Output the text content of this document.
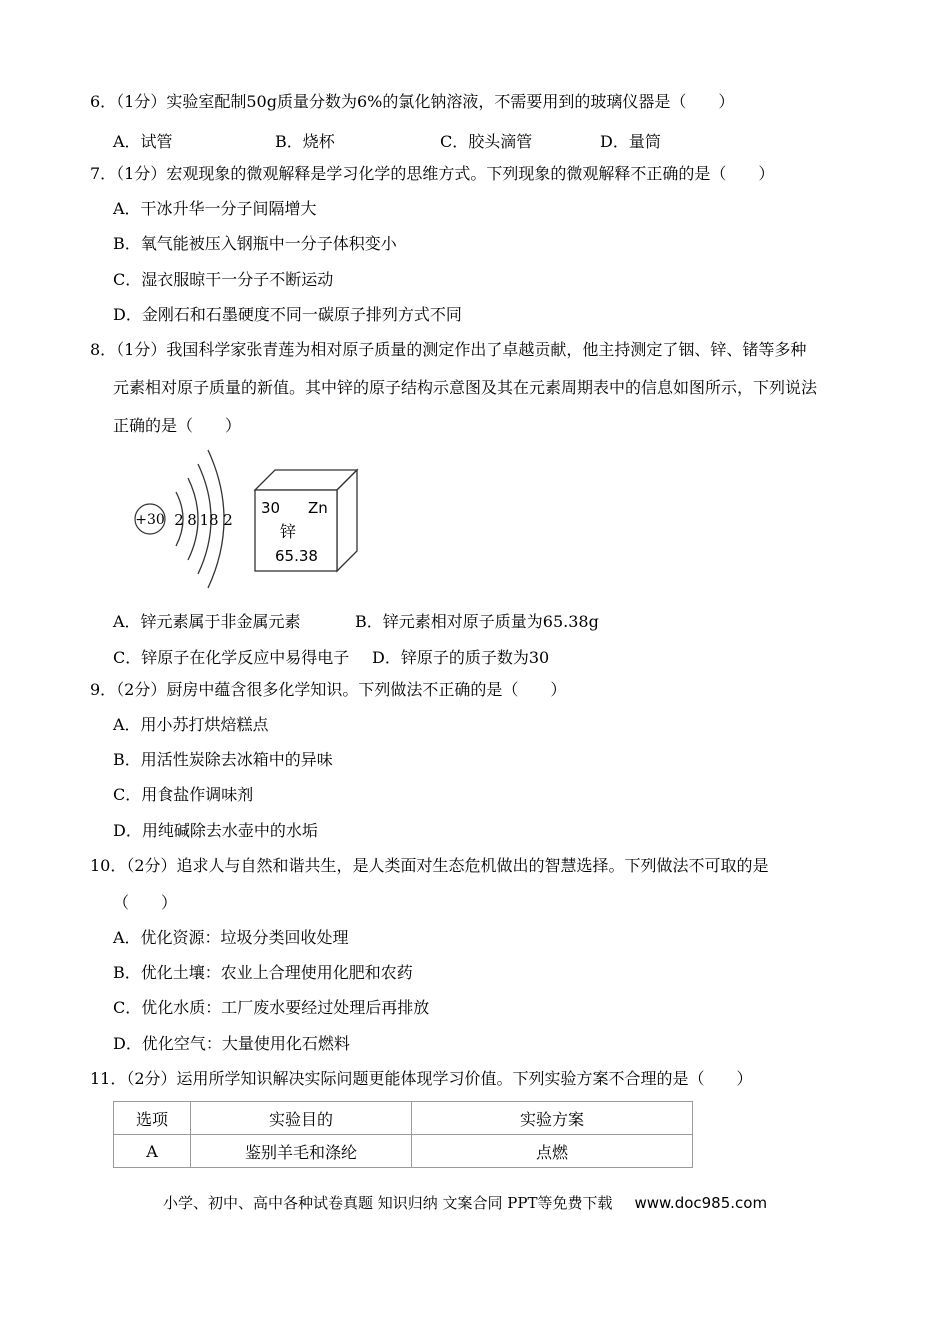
6．（1分）实验室配制50g质量分数为6%的氯化钠溶液，不需要用到的玻璃仪器是（　　）
A．试管	B．烧杯	C．胶头滴管	D．量筒
7．（1分）宏观现象的微观解释是学习化学的思维方式。下列现象的微观解释不正确的是（　　）
A．干冰升华一分子间隔增大
B．氧气能被压入钢瓶中一分子体积变小
C．湿衣服晾干一分子不断运动
D．金刚石和石墨硬度不同一碳原子排列方式不同
8．（1分）我国科学家张青莲为相对原子质量的测定作出了卓越贡献，他主持测定了铟、锌、锗等多种
元素相对原子质量的新值。其中锌的原子结构示意图及其在元素周期表中的信息如图所示，下列说法
正确的是（　　）
+30 2 8 18 2
30 Zn
锌
65.38
A．锌元素属于非金属元素	B．锌元素相对原子质量为65.38g
C．锌原子在化学反应中易得电子 D．锌原子的质子数为30
9．（2分）厨房中蕴含很多化学知识。下列做法不正确的是（　　）
A．用小苏打烘焙糕点
B．用活性炭除去冰箱中的异味
C．用食盐作调味剂
D．用纯碱除去水壶中的水垢
10．（2分）追求人与自然和谐共生，是人类面对生态危机做出的智慧选择。下列做法不可取的是
（　　）
A．优化资源：垃圾分类回收处理
B．优化土壤：农业上合理使用化肥和农药
C．优化水质：工厂废水要经过处理后再排放
D．优化空气：大量使用化石燃料
11．（2分）运用所学知识解决实际问题更能体现学习价值。下列实验方案不合理的是（　　）
选项	实验目的	实验方案
A	鉴别羊毛和涤纶	点燃
小学、初中、高中各种试卷真题 知识归纳 文案合同 PPT等免费下载 www.doc985.com
